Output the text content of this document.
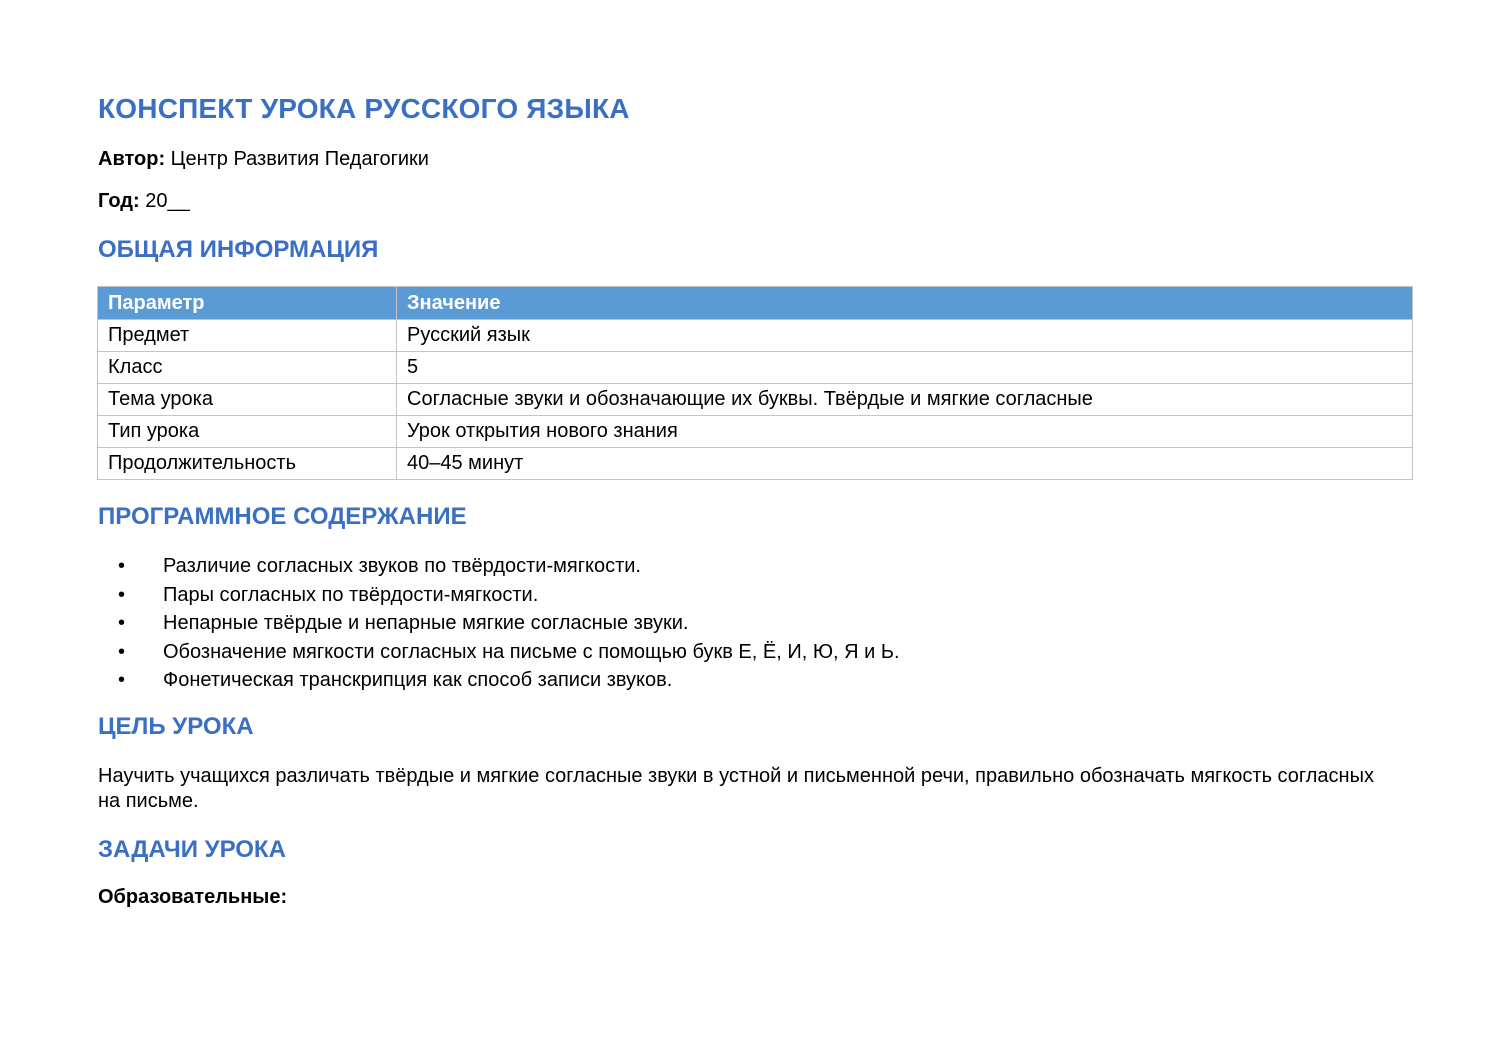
КОНСПЕКТ УРОКА РУССКОГО ЯЗЫКА

Автор: Центр Развития Педагогики

Год: 20__

ОБЩАЯ ИНФОРМАЦИЯ
Параметр	Значение
Предмет	Русский язык
Класс	5
Тема урока	Согласные звуки и обозначающие их буквы. Твёрдые и мягкие согласные
Тип урока	Урок открытия нового знания
Продолжительность	40–45 минут
ПРОГРАММНОЕ СОДЕРЖАНИЕ
• Различие согласных звуков по твёрдости-мягкости.
• Пары согласных по твёрдости-мягкости.
• Непарные твёрдые и непарные мягкие согласные звуки.
• Обозначение мягкости согласных на письме с помощью букв Е, Ё, И, Ю, Я и Ь.
• Фонетическая транскрипция как способ записи звуков.
ЦЕЛЬ УРОКА

Научить учащихся различать твёрдые и мягкие согласные звуки в устной и письменной речи, правильно обозначать мягкость согласных на письме.

ЗАДАЧИ УРОКА

Образовательные:
